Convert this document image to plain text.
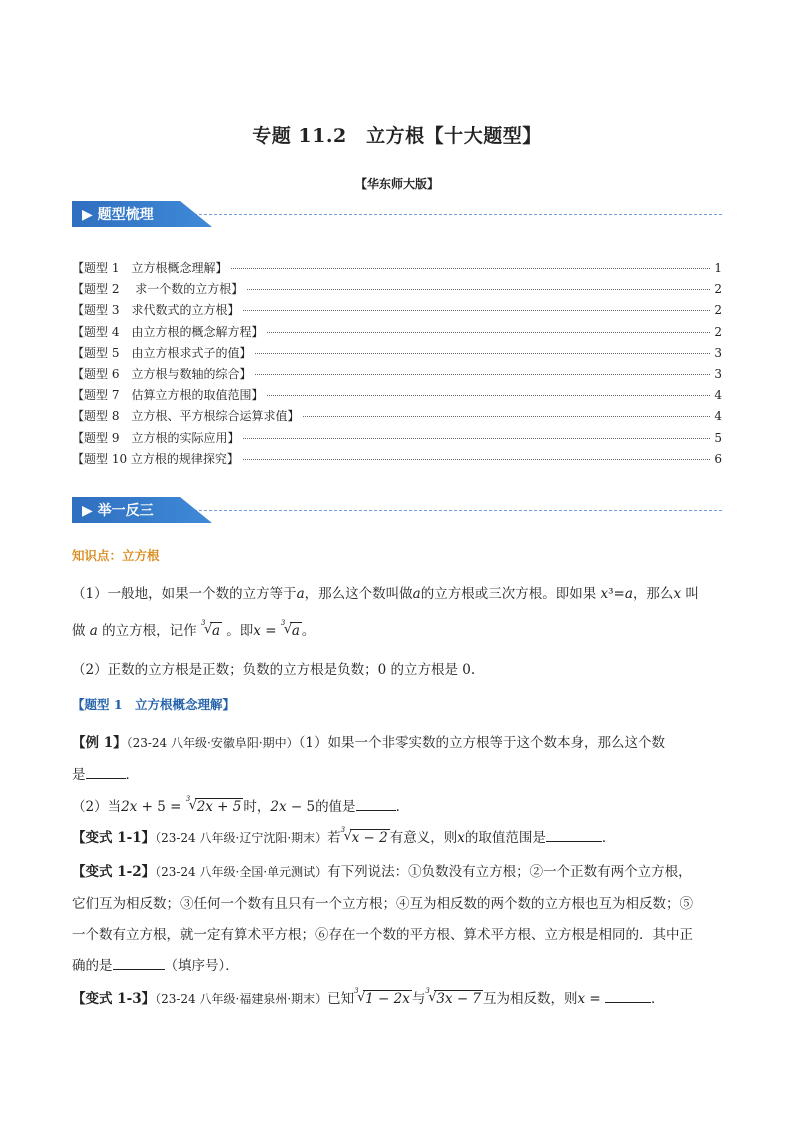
专题 11.2　立方根【十大题型】
【华东师大版】
▶ 题型梳理
【题型 1　立方根概念理解】	1
【题型 2　 求一个数的立方根】	2
【题型 3　求代数式的立方根】	2
【题型 4　由立方根的概念解方程】	2
【题型 5　由立方根求式子的值】	3
【题型 6　立方根与数轴的综合】	3
【题型 7　估算立方根的取值范围】	4
【题型 8　立方根、平方根综合运算求值】	4
【题型 9　立方根的实际应用】	5
【题型 10 立方根的规律探究】	6
▶ 举一反三
知识点：立方根
（1）一般地，如果一个数的立方等于a，那么这个数叫做a的立方根或三次方根。即如果 x³=a，那么x 叫
做 a 的立方根，记作 3
√ a 。即x = 3
√ a 。
（2）正数的立方根是正数；负数的立方根是负数；0 的立方根是 0.
【题型 1　立方根概念理解】
【例 1】（23-24 八年级·安徽阜阳·期中）（1）如果一个非零实数的立方根等于这个数本身，那么这个数
是	．
（2）当2x + 5 = 3
√ 2x + 5 时，2x − 5的值是	．
【变式 1-1】（23-24 八年级·辽宁沈阳·期末）若 3
√ x − 2 有意义，则x的取值范围是	．
【变式 1-2】（23-24 八年级·全国·单元测试）有下列说法：①负数没有立方根；②一个正数有两个立方根，
它们互为相反数；③任何一个数有且只有一个立方根；④互为相反数的两个数的立方根也互为相反数；⑤
一个数有立方根，就一定有算术平方根；⑥存在一个数的平方根、算术平方根、立方根是相同的．其中正
确的是	（填序号）．
【变式 1-3】（23-24 八年级·福建泉州·期末）已知 3
√ 1 − 2x 与 3
√ 3x − 7 互为相反数，则x =	．
